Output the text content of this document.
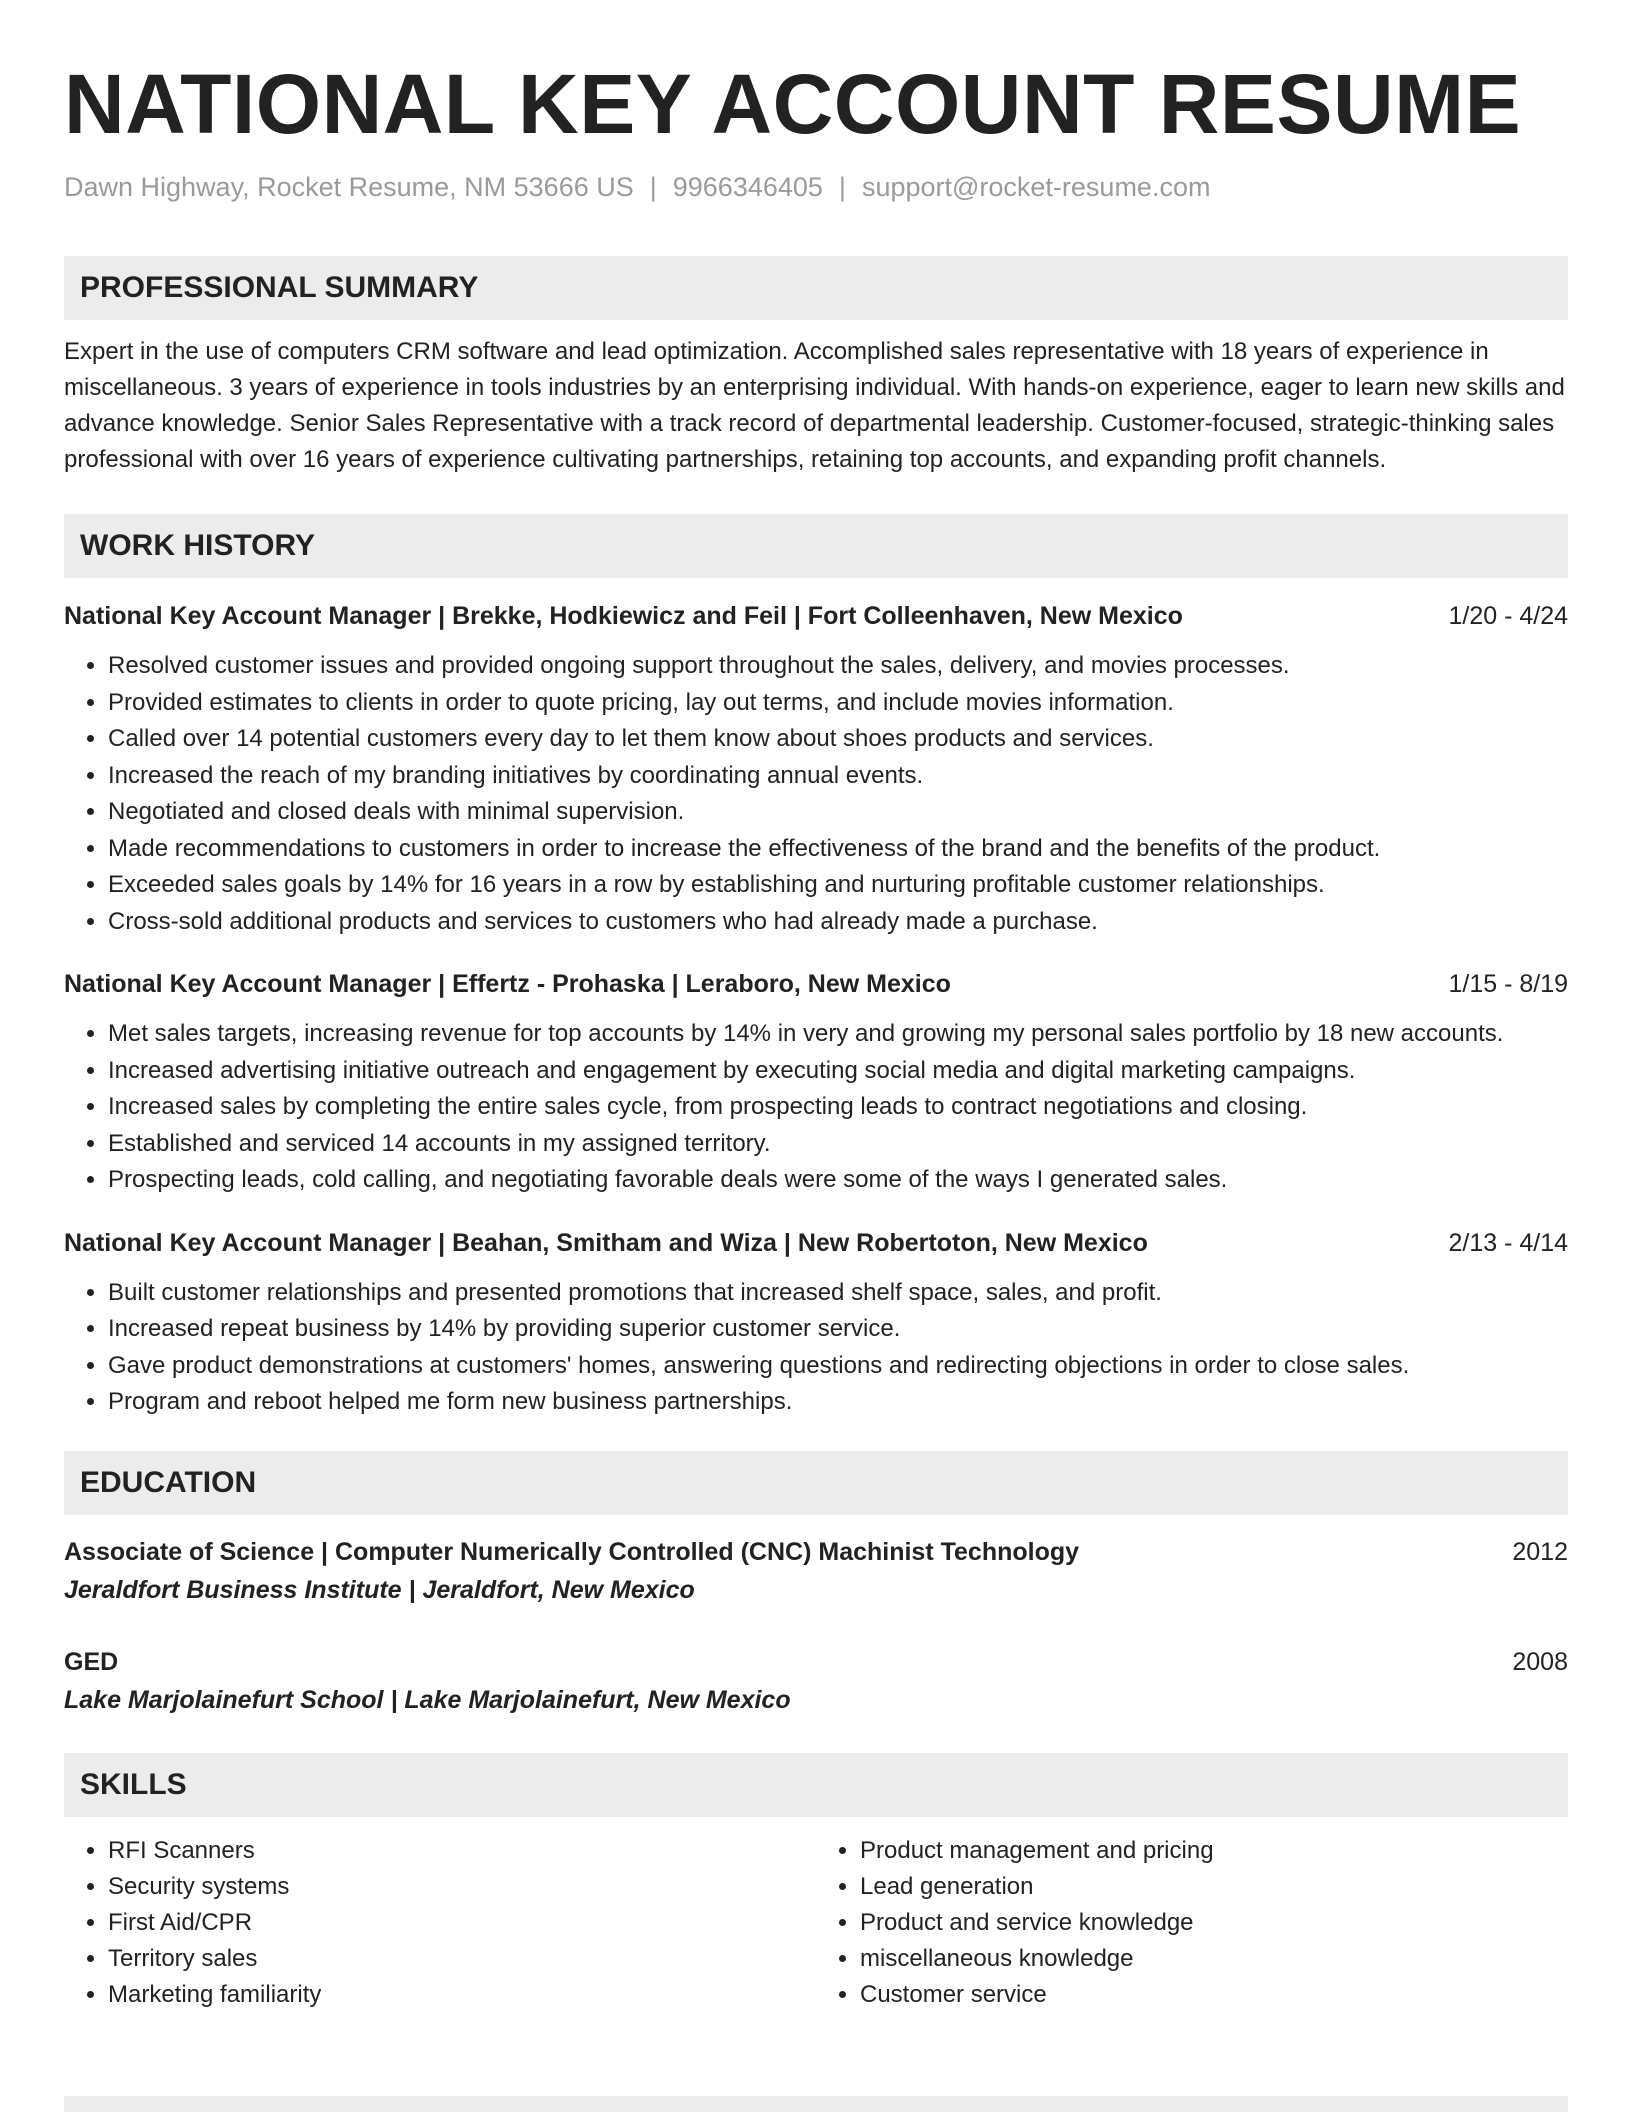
NATIONAL KEY ACCOUNT RESUME
Dawn Highway, Rocket Resume, NM 53666 US | 9966346405 | support@rocket-resume.com
PROFESSIONAL SUMMARY
Expert in the use of computers CRM software and lead optimization. Accomplished sales representative with 18 years of experience in miscellaneous. 3 years of experience in tools industries by an enterprising individual. With hands-on experience, eager to learn new skills and advance knowledge. Senior Sales Representative with a track record of departmental leadership. Customer-focused, strategic-thinking sales professional with over 16 years of experience cultivating partnerships, retaining top accounts, and expanding profit channels.
WORK HISTORY
National Key Account Manager | Brekke, Hodkiewicz and Feil | Fort Colleenhaven, New Mexico	1/20 - 4/24
• Resolved customer issues and provided ongoing support throughout the sales, delivery, and movies processes.
• Provided estimates to clients in order to quote pricing, lay out terms, and include movies information.
• Called over 14 potential customers every day to let them know about shoes products and services.
• Increased the reach of my branding initiatives by coordinating annual events.
• Negotiated and closed deals with minimal supervision.
• Made recommendations to customers in order to increase the effectiveness of the brand and the benefits of the product.
• Exceeded sales goals by 14% for 16 years in a row by establishing and nurturing profitable customer relationships.
• Cross-sold additional products and services to customers who had already made a purchase.
National Key Account Manager | Effertz - Prohaska | Leraboro, New Mexico	1/15 - 8/19
• Met sales targets, increasing revenue for top accounts by 14% in very and growing my personal sales portfolio by 18 new accounts.
• Increased advertising initiative outreach and engagement by executing social media and digital marketing campaigns.
• Increased sales by completing the entire sales cycle, from prospecting leads to contract negotiations and closing.
• Established and serviced 14 accounts in my assigned territory.
• Prospecting leads, cold calling, and negotiating favorable deals were some of the ways I generated sales.
National Key Account Manager | Beahan, Smitham and Wiza | New Robertoton, New Mexico	2/13 - 4/14
• Built customer relationships and presented promotions that increased shelf space, sales, and profit.
• Increased repeat business by 14% by providing superior customer service.
• Gave product demonstrations at customers' homes, answering questions and redirecting objections in order to close sales.
• Program and reboot helped me form new business partnerships.
EDUCATION
Associate of Science | Computer Numerically Controlled (CNC) Machinist Technology	2012
Jeraldfort Business Institute | Jeraldfort, New Mexico
GED	2008
Lake Marjolainefurt School | Lake Marjolainefurt, New Mexico
SKILLS
• RFI Scanners
• Security systems
• First Aid/CPR
• Territory sales
• Marketing familiarity
• Product management and pricing
• Lead generation
• Product and service knowledge
• miscellaneous knowledge
• Customer service
